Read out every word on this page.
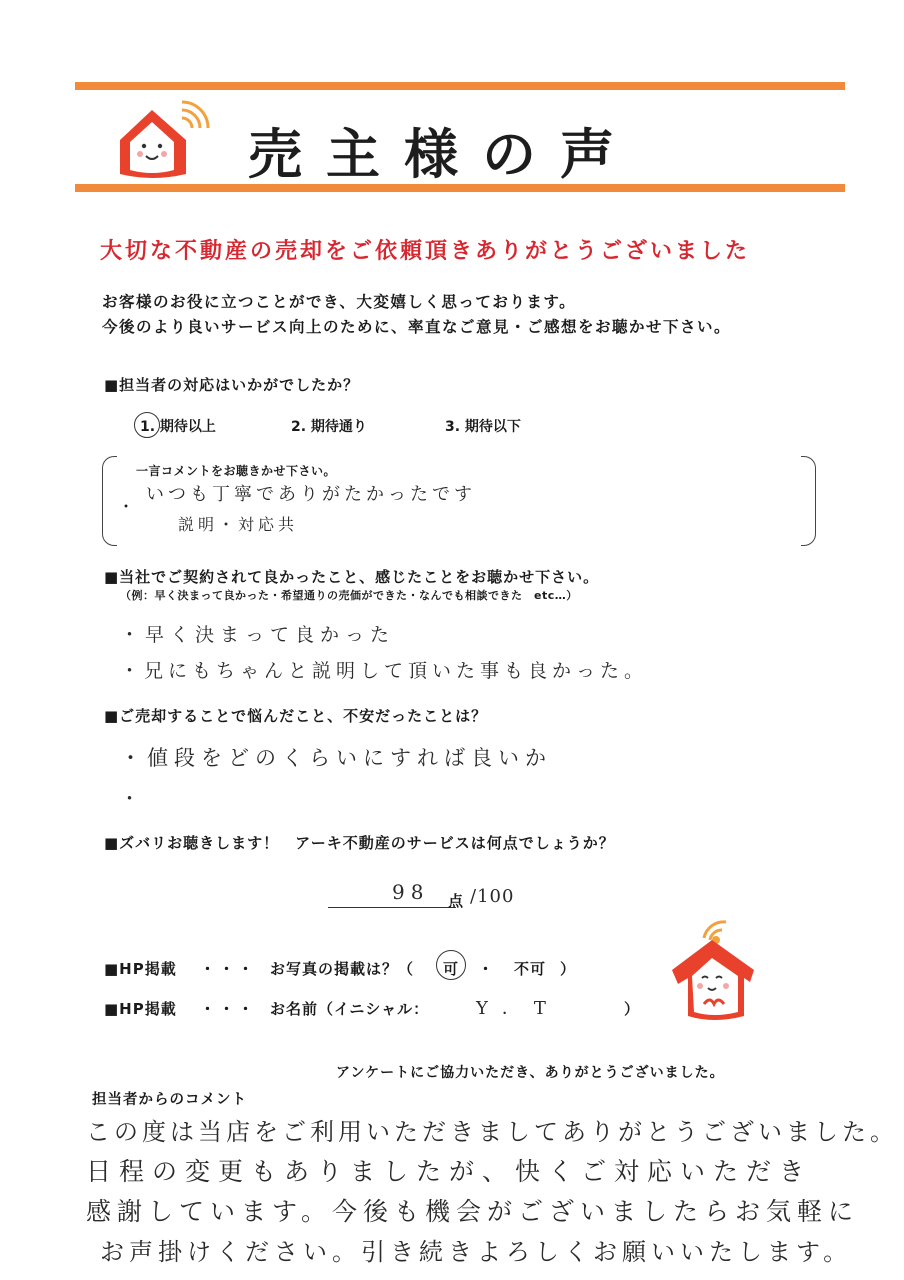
売主様の声
大切な不動産の売却をご依頼頂きありがとうございました
お客様のお役に立つことができ、大変嬉しく思っております。
今後のより良いサービス向上のために、率直なご意見・ご感想をお聴かせ下さい。
■担当者の対応はいかがでしたか？
1. 期待以上	2. 期待通り	3. 期待以下
一言コメントをお聴きかせ下さい。
・
いつも丁寧でありがたかったです
説明・対応共
■当社でご契約されて良かったこと、感じたことをお聴かせ下さい。
（例：早く決まって良かった・希望通りの売価ができた・なんでも相談できた　etc…）
・早く決まって良かった
・兄にもちゃんと説明して頂いた事も良かった。
■ご売却することで悩んだこと、不安だったことは？
・値段をどのくらいにすれば良いか
・
■ズバリお聴きします！　アーキ不動産のサービスは何点でしょうか？
98 点 /100
■HP掲載 ・・・ お写真の掲載は？（ 可 ・ 不可 ）
■HP掲載 ・・・ お名前（イニシャル：	Y．T	）
アンケートにご協力いただき、ありがとうございました。
担当者からのコメント
この度は当店をご利用いただきましてありがとうございました。
日程の変更もありましたが、快くご対応いただき
感謝しています。今後も機会がございましたらお気軽に
お声掛けください。引き続きよろしくお願いいたします。
